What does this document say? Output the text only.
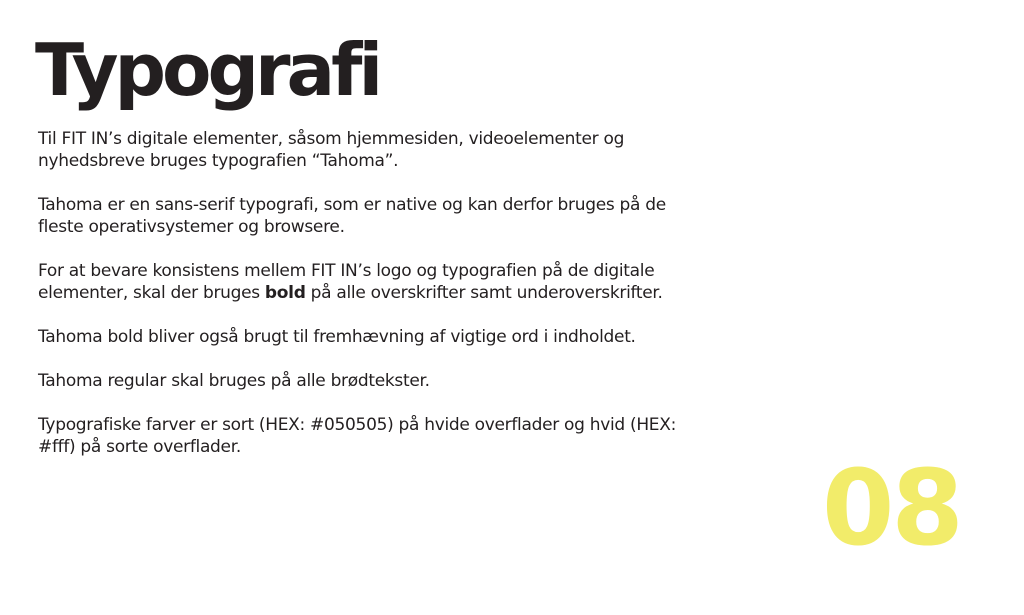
Typografi

Til FIT IN’s digitale elementer, såsom hjemmesiden, videoelementer og
nyhedsbreve bruges typografien “Tahoma”.

Tahoma er en sans-serif typografi, som er native og kan derfor bruges på de
fleste operativsystemer og browsere.

For at bevare konsistens mellem FIT IN’s logo og typografien på de digitale
elementer, skal der bruges bold på alle overskrifter samt underoverskrifter.

Tahoma bold bliver også brugt til fremhævning af vigtige ord i indholdet.

Tahoma regular skal bruges på alle brødtekster.

Typografiske farver er sort (HEX: #050505) på hvide overflader og hvid (HEX:
#fff) på sorte overflader.	08
